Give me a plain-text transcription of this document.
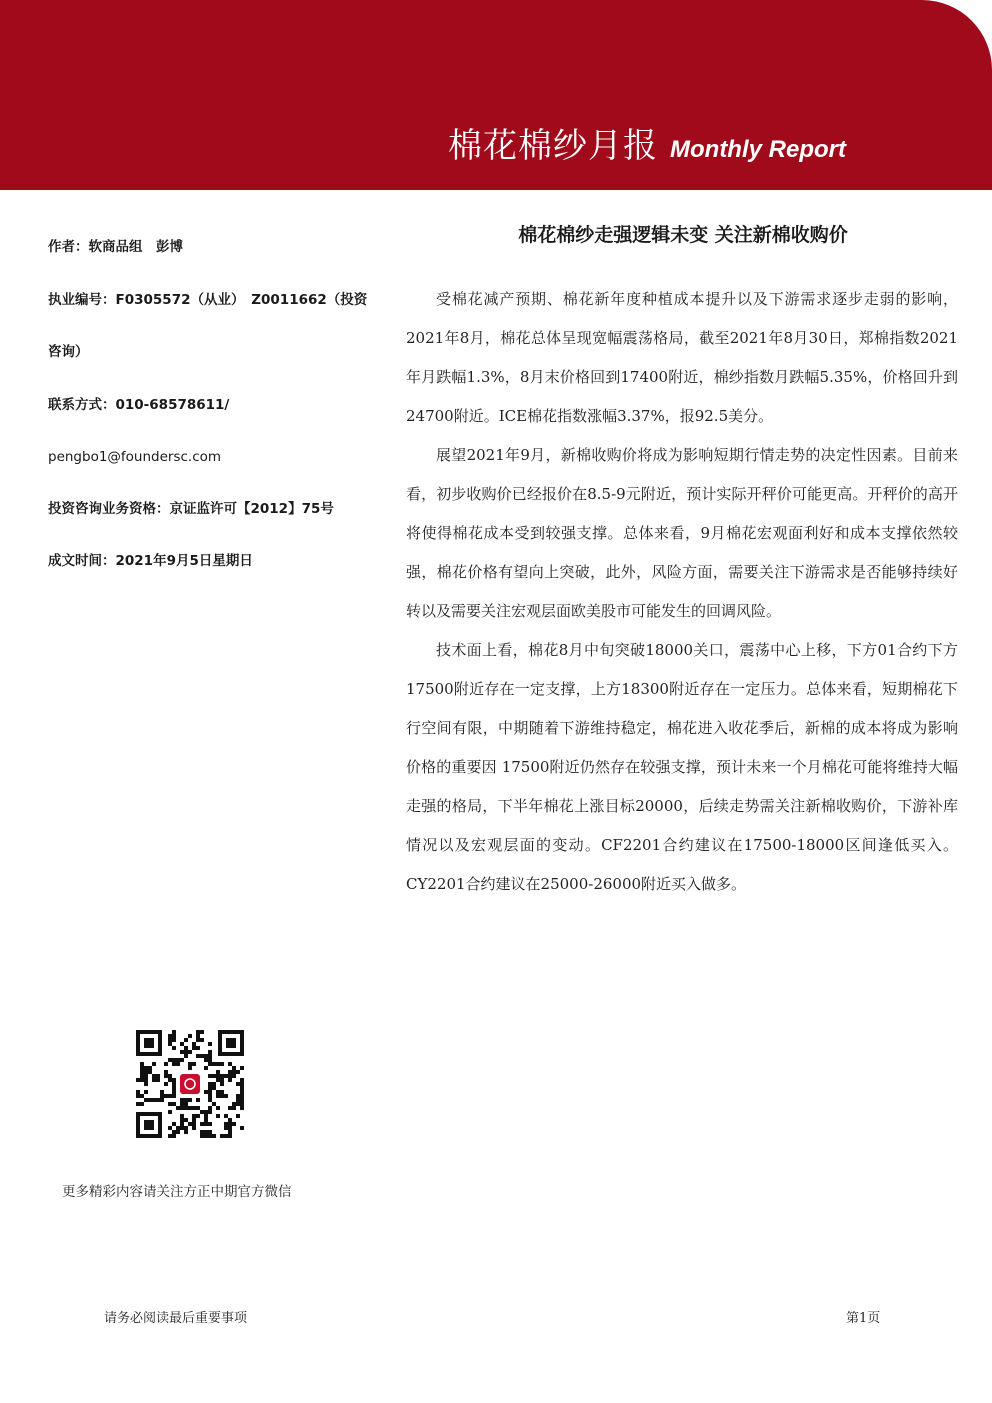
棉花棉纱月报 Monthly Report
作者：软商品组　彭博
执业编号：F0305572（从业）　Z0011662（投资咨询）
联系方式：010-68578611/
pengbo1@foundersc.com
投资咨询业务资格：京证监许可【2012】75号
成文时间：2021年9月5日星期日
棉花棉纱走强逻辑未变 关注新棉收购价

受棉花减产预期、棉花新年度种植成本提升以及下游需求逐步走弱的影响，2021年8月，棉花总体呈现宽幅震荡格局，截至2021年8月30日，郑棉指数2021年月跌幅1.3%，8月末价格回到17400附近，棉纱指数月跌幅5.35%，价格回升到24700附近。ICE棉花指数涨幅3.37%，报92.5美分。

展望2021年9月，新棉收购价将成为影响短期行情走势的决定性因素。目前来看，初步收购价已经报价在8.5-9元附近，预计实际开秤价可能更高。开秤价的高开将使得棉花成本受到较强支撑。总体来看，9月棉花宏观面利好和成本支撑依然较强，棉花价格有望向上突破，此外，风险方面，需要关注下游需求是否能够持续好转以及需要关注宏观层面欧美股市可能发生的回调风险。

技术面上看，棉花8月中旬突破18000关口，震荡中心上移，下方01合约下方17500附近存在一定支撑，上方18300附近存在一定压力。总体来看，短期棉花下行空间有限，中期随着下游维持稳定，棉花进入收花季后，新棉的成本将成为影响价格的重要因 17500附近仍然存在较强支撑，预计未来一个月棉花可能将维持大幅走强的格局，下半年棉花上涨目标20000，后续走势需关注新棉收购价，下游补库情况以及宏观层面的变动。CF2201合约建议在17500-18000区间逢低买入。CY2201合约建议在25000-26000附近买入做多。

更多精彩内容请关注方正中期官方微信
请务必阅读最后重要事项	第1页
